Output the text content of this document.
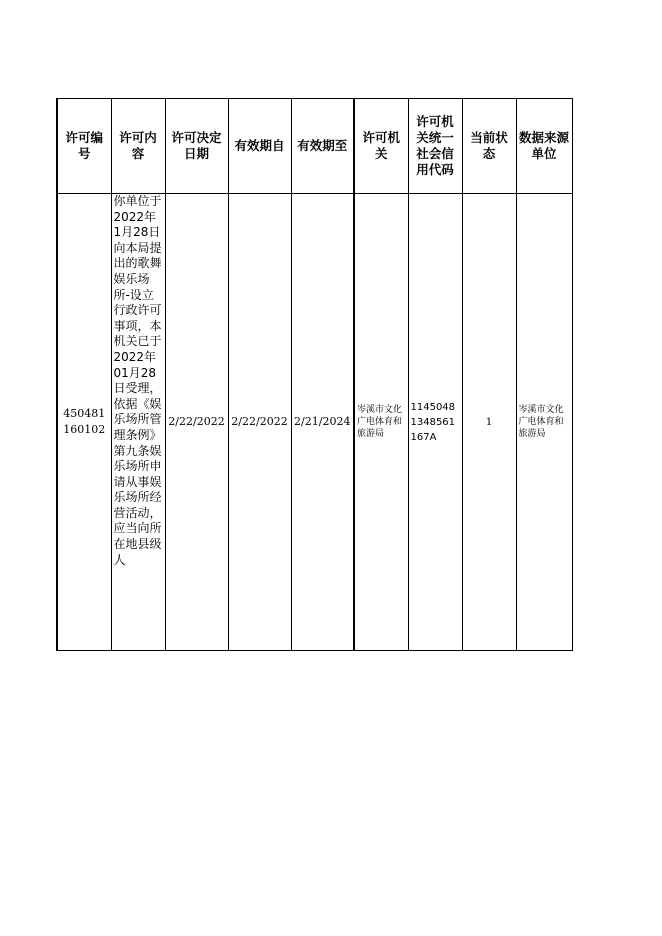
许可编号	许可内容	许可决定日期	有效期自	有效期至	许可机关	许可机关统一社会信用代码	当前状态	数据来源单位

450481160102	你单位于2022年1月28日向本局提出的歌舞娱乐场所-设立行政许可事项，本机关已于2022年01月28日受理， 依据《娱乐场所管理条例》第九条娱乐场所申请从事娱乐场所经营活动，应当向所在地县级人	2/22/2022	2/22/2022	2/21/2024	岑溪市文化广电体育和旅游局	11450481348561167A	1	岑溪市文化广电体育和旅游局
